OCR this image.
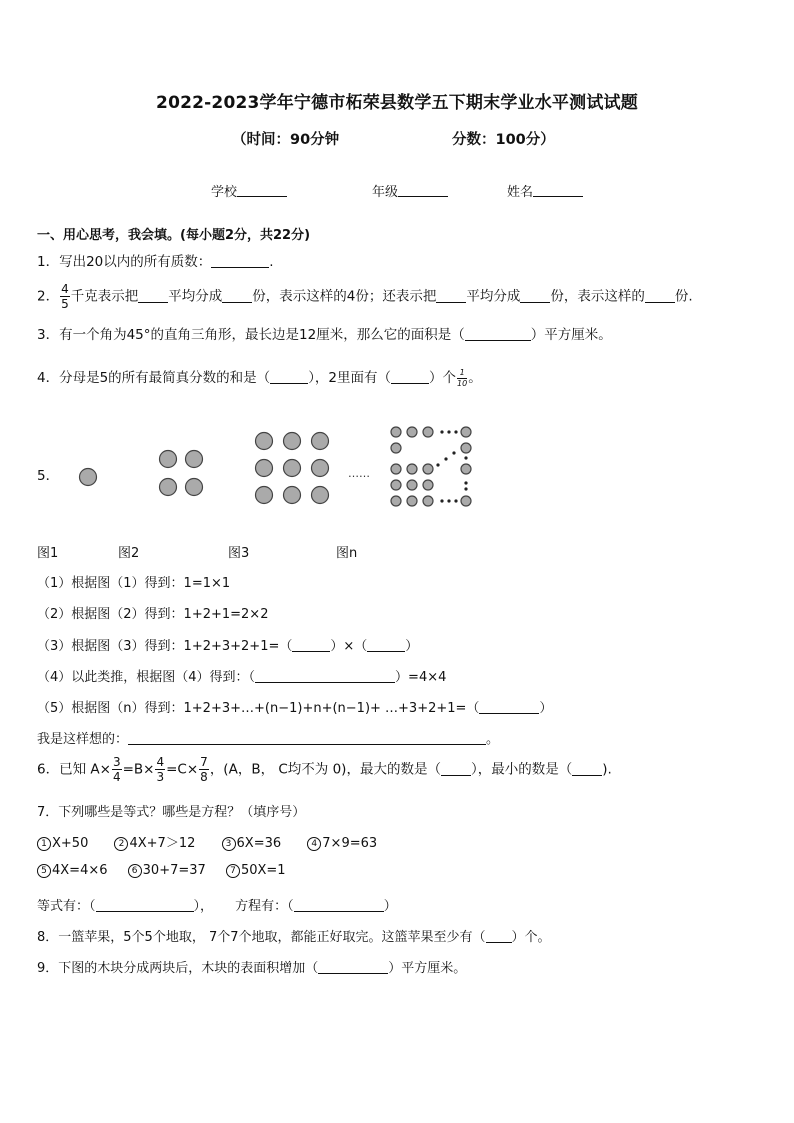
2022-2023学年宁德市柘荣县数学五下期末学业水平测试试题
（时间：90分钟	分数：100分）
学校	年级	姓名
一、用心思考，我会填。(每小题2分，共22分)
1．写出20以内的所有质数：	.
2． $\frac{4}{5}$ 千克表示把 平均分成 份，表示这样的4份；还表示把 平均分成 份，表示这样的 份.
3．有一个角为45°的直角三角形，最长边是12厘米，那么它的面积是（	）平方厘米。
4．分母是5的所有最简真分数的和是（	），2里面有（	）个 $\frac{1}{10}$ 。
5．	……
图1	图2	图3	图n
（1）根据图（1）得到：1=1×1
（2）根据图（2）得到：1+2+1=2×2
（3）根据图（3）得到：1+2+3+2+1=（	）×（	）
（4）以此类推，根据图（4）得到：（	）=4×4
（5）根据图（n）得到：1+2+3+…+(n−1)+n+(n−1)+ …+3+2+1=（	）
我是这样想的：	。
6．已知 $A\times \frac{3}{4} =B\times \frac{4}{3} =C\times \frac{7}{8}$ ，(A，B， C均不为 0)，最大的数是（ ），最小的数是（ ).
7．下列哪些是等式？哪些是方程？（填序号）
1 X+50	2 4X+7＞12	3 6X=36	4 7×9=63
5 4X=4×6	6 30+7=37	7 50X=1
等式有：（	）， 方程有：（	）
8．一篮苹果，5个5个地取， 7个7个地取，都能正好取完。这篮苹果至少有（ ）个。
9．下图的木块分成两块后，木块的表面积增加（	）平方厘米。
